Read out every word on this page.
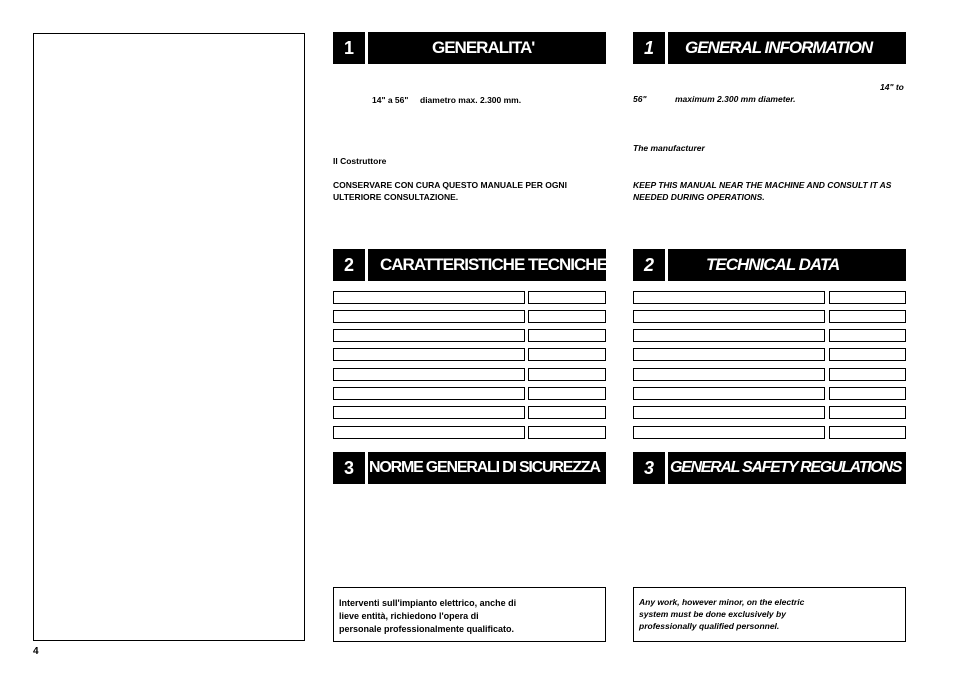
4
1	GENERALITA'
14" a 56" diametro max. 2.300 mm.
Il Costruttore
CONSERVARE CON CURA QUESTO MANUALE PER OGNI
ULTERIORE CONSULTAZIONE.
2	CARATTERISTICHE TECNICHE
3 NORME GENERALI DI SICUREZZA
Interventi sull'impianto elettrico, anche di
lieve entità, richiedono l'opera di
personale professionalmente qualificato.
1	GENERAL INFORMATION
14" to
56"	maximum 2.300 mm diameter.
The manufacturer
KEEP THIS MANUAL NEAR THE MACHINE AND CONSULT IT AS
NEEDED DURING OPERATIONS.
2	TECHNICAL DATA
3	GENERAL SAFETY REGULATIONS
Any work, however minor, on the electric
system must be done exclusively by
professionally qualified personnel.
